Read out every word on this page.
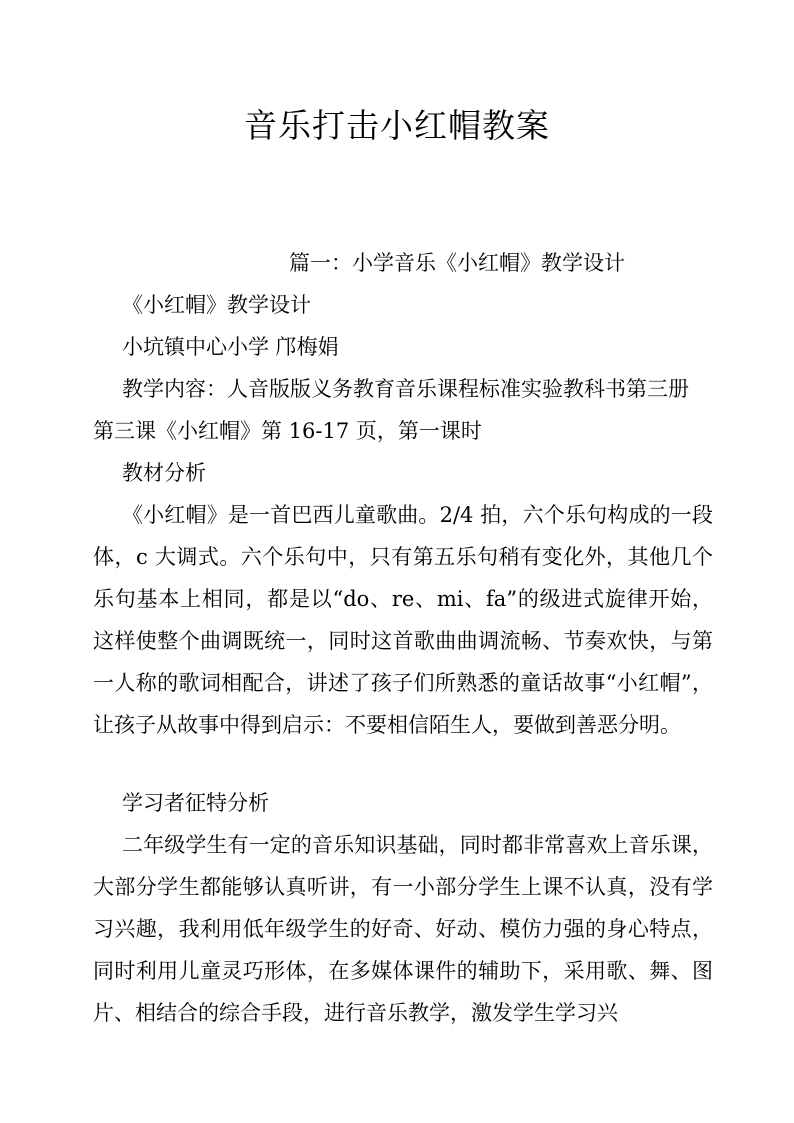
音乐打击小红帽教案

篇一：小学音乐《小红帽》教学设计

《小红帽》教学设计

小坑镇中心小学 邝梅娟

教学内容：人音版版义务教育音乐课程标准实验教科书第三册

第三课《小红帽》第 16-17 页，第一课时

教材分析

《小红帽》是一首巴西儿童歌曲。2/4 拍，六个乐句构成的一段体，c 大调式。六个乐句中，只有第五乐句稍有变化外，其他几个乐句基本上相同，都是以“do、re、mi、fa”的级进式旋律开始，这样使整个曲调既统一，同时这首歌曲曲调流畅、节奏欢快，与第一人称的歌词相配合，讲述了孩子们所熟悉的童话故事“小红帽”，让孩子从故事中得到启示：不要相信陌生人，要做到善恶分明。

学习者征特分析

二年级学生有一定的音乐知识基础，同时都非常喜欢上音乐课，大部分学生都能够认真听讲，有一小部分学生上课不认真，没有学习兴趣，我利用低年级学生的好奇、好动、模仿力强的身心特点，同时利用儿童灵巧形体，在多媒体课件的辅助下，采用歌、舞、图片、相结合的综合手段，进行音乐教学，激发学生学习兴
